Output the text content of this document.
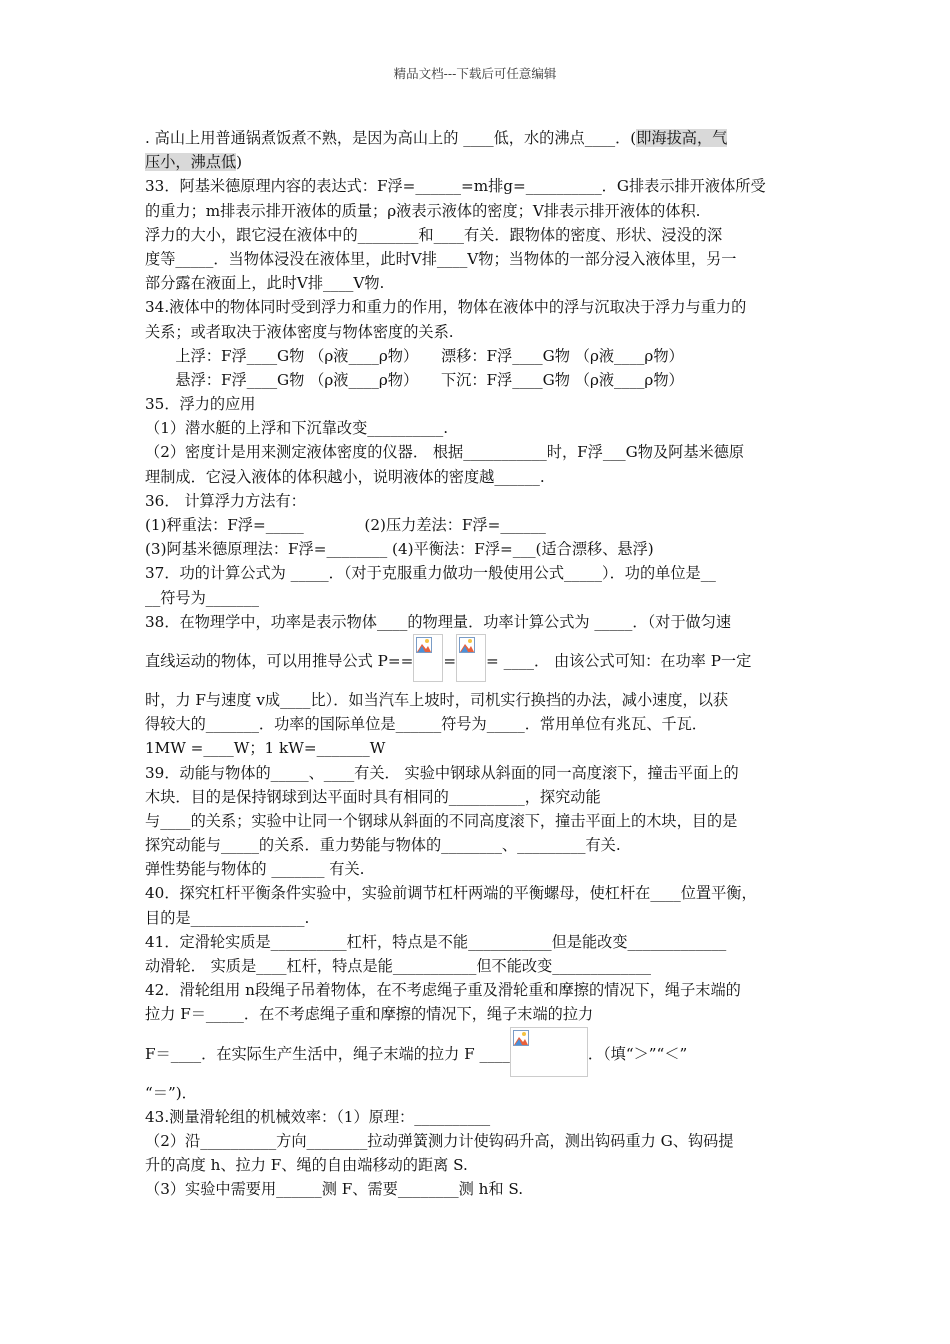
精品文档---下载后可任意编辑
. 高山上用普通锅煮饭煮不熟，是因为高山上的 ____低，水的沸点____．(即海拔高，气
压小，沸点低)
33．阿基米德原理内容的表达式：F浮=______=m排g=__________．G排表示排开液体所受
的重力；m排表示排开液体的质量；ρ液表示液体的密度；V排表示排开液体的体积.
浮力的大小，跟它浸在液体中的________和____有关．跟物体的密度、形状、浸没的深
度等_____．当物体浸没在液体里，此时V排____V物；当物体的一部分浸入液体里，另一
部分露在液面上，此时V排____V物.
34.液体中的物体同时受到浮力和重力的作用，物体在液体中的浮与沉取决于浮力与重力的
关系；或者取决于液体密度与物体密度的关系.
　　上浮：F浮____G物 （ρ液____ρ物）　　漂移：F浮____G物 （ρ液____ρ物）
　　悬浮：F浮____G物 （ρ液____ρ物）　　下沉：F浮____G物 （ρ液____ρ物）
35．浮力的应用
（1）潜水艇的上浮和下沉靠改变__________.
（2）密度计是用来测定液体密度的仪器． 根据___________时，F浮___G物及阿基米德原
理制成．它浸入液体的体积越小，说明液体的密度越______.
36． 计算浮力方法有：
(1)秤重法：F浮=_____　　　　(2)压力差法：F浮=______
(3)阿基米德原理法：F浮=________ (4)平衡法：F浮=___(适合漂移、悬浮)
37．功的计算公式为 _____．（对于克服重力做功一般使用公式_____）．功的单位是__
__符号为_______
38．在物理学中，功率是表示物体____的物理量．功率计算公式为 _____．（对于做匀速
直线运动的物体，可以用推导公式 P== = = ____． 由该公式可知：在功率 P一定
时，力 F与速度 v成____比）．如当汽车上坡时，司机实行换挡的办法，减小速度，以获
得较大的_______．功率的国际单位是______符号为_____．常用单位有兆瓦、千瓦．
1MW =____W；1 kW=_______W
39．动能与物体的_____、____有关． 实验中钢球从斜面的同一高度滚下，撞击平面上的
木块．目的是保持钢球到达平面时具有相同的__________，探究动能
与____的关系；实验中让同一个钢球从斜面的不同高度滚下，撞击平面上的木块，目的是
探究动能与_____的关系．重力势能与物体的________、_________有关.
弹性势能与物体的 _______ 有关.
40．探究杠杆平衡条件实验中，实验前调节杠杆两端的平衡螺母，使杠杆在____位置平衡，
目的是_______________.
41．定滑轮实质是__________杠杆，特点是不能___________但是能改变_____________
动滑轮． 实质是____杠杆，特点是能___________但不能改变_____________
42．滑轮组用 n段绳子吊着物体，在不考虑绳子重及滑轮重和摩擦的情况下，绳子末端的
拉力 F＝_____．在不考虑绳子重和摩擦的情况下，绳子末端的拉力
F＝____．在实际生产生活中，绳子末端的拉力 F ____	．（填“＞”“＜”
“＝”)．
43.测量滑轮组的机械效率：（1）原理：__________
（2）沿__________方向________拉动弹簧测力计使钩码升高，测出钩码重力 G、钩码提
升的高度 h、拉力 F、绳的自由端移动的距离 S.
（3）实验中需要用______测 F、需要________测 h和 S.
